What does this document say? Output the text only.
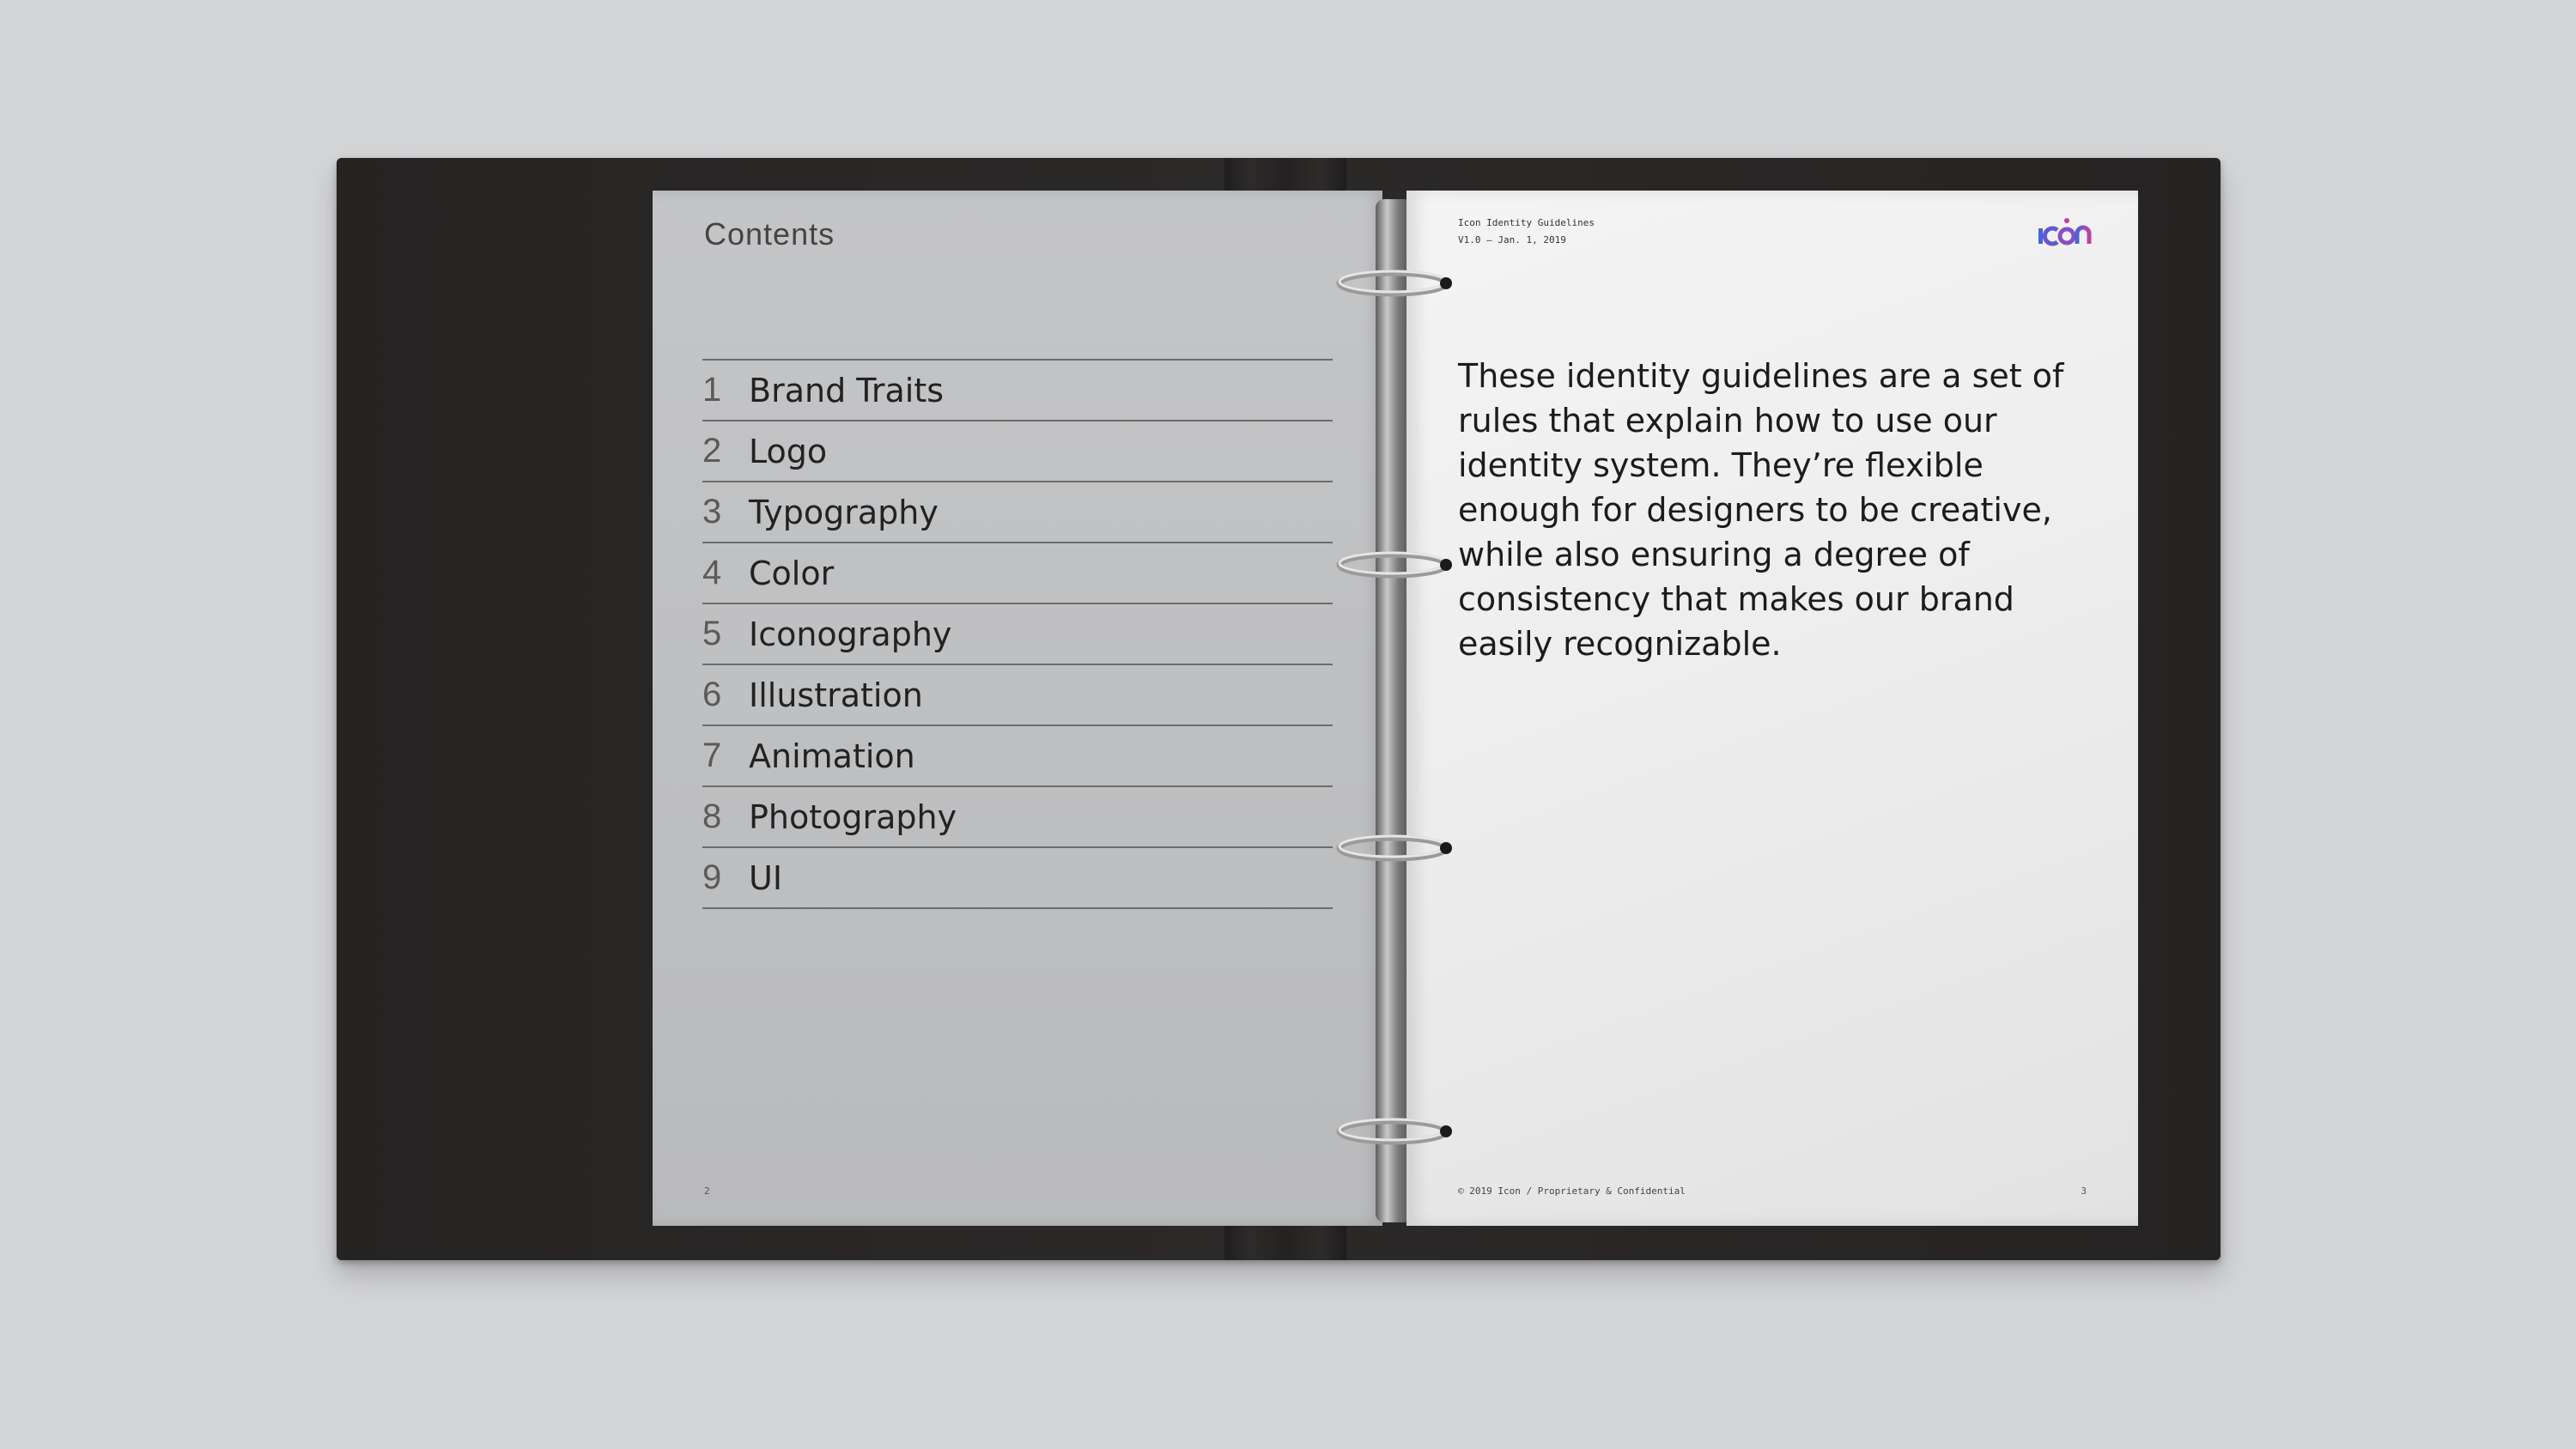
Contents
1 Brand Traits
2 Logo
3 Typography
4 Color
5 Iconography
6 Illustration
7 Animation
8 Photography
9 UI
2
Icon Identity Guidelines
V1.0 — Jan. 1, 2019
These identity guidelines are a set of rules that explain how to use our identity system. They’re flexible enough for designers to be creative, while also ensuring a degree of consistency that makes our brand easily recognizable.
© 2019 Icon / Proprietary & Confidential	3
